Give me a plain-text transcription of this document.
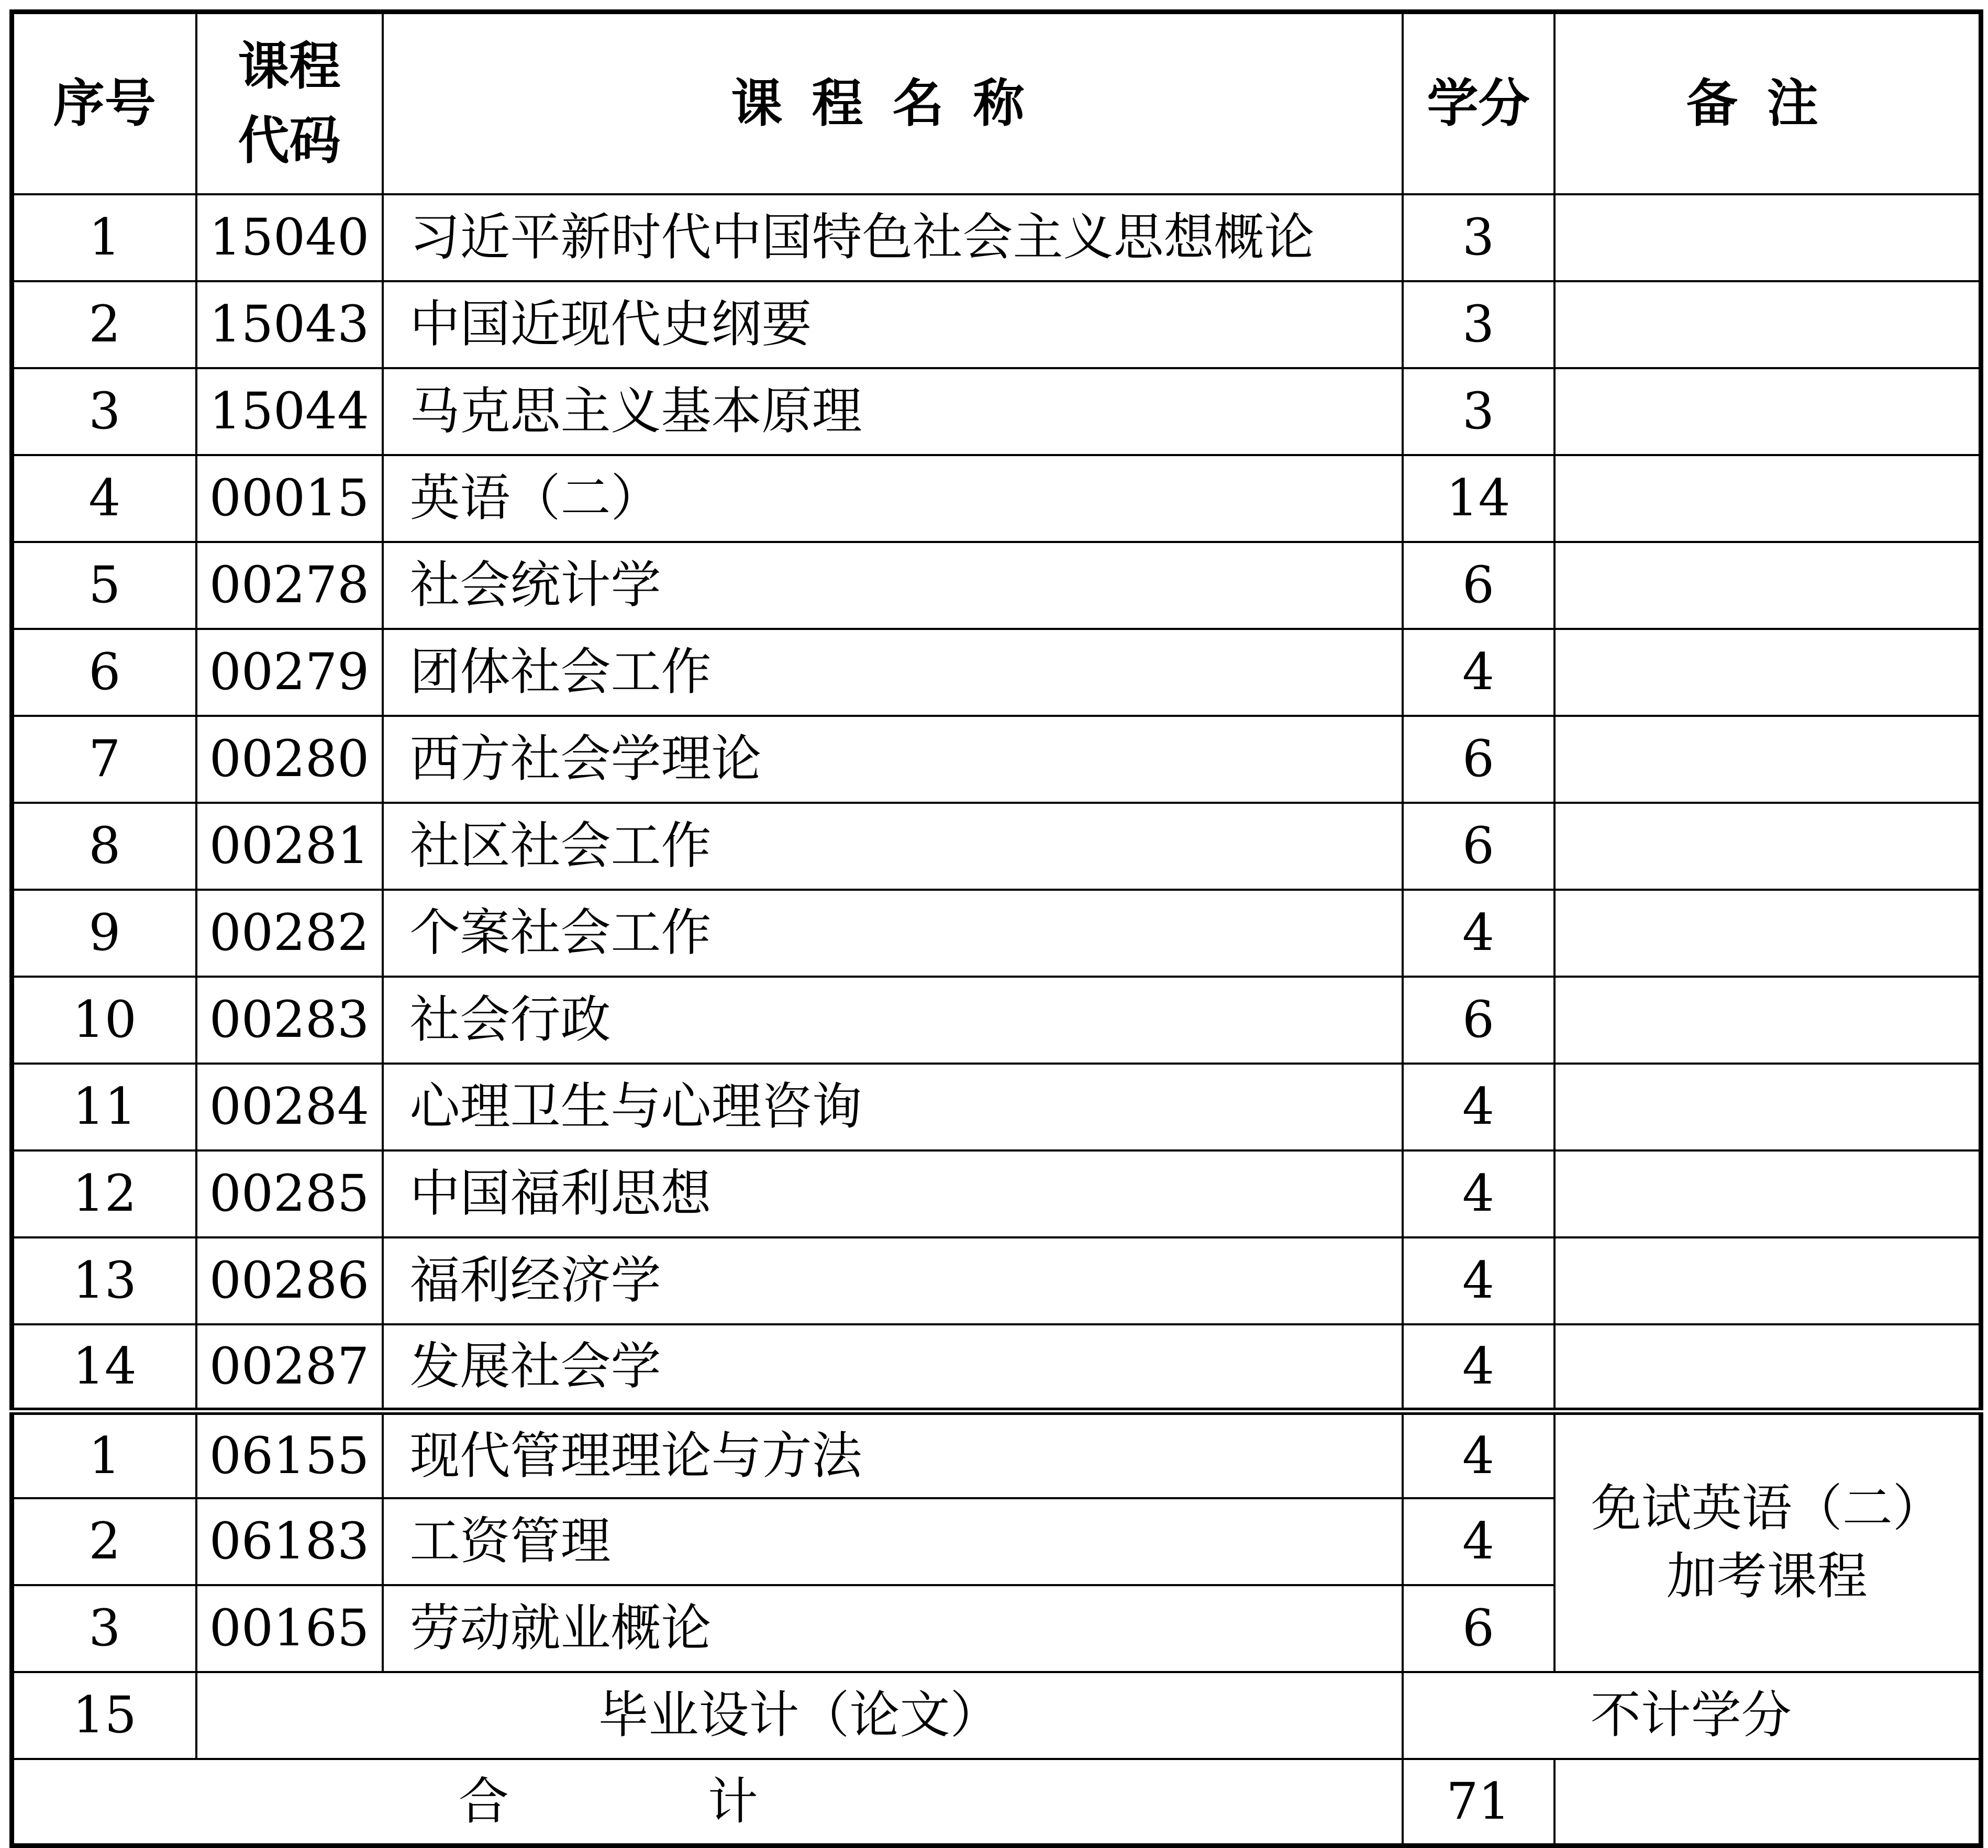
序号	课程代码	课程名称	学分	备注
1	15040	习近平新时代中国特色社会主义思想概论	3	
2	15043	中国近现代史纲要	3	
3	15044	马克思主义基本原理	3	
4	00015	英语（二）	14	
5	00278	社会统计学	6	
6	00279	团体社会工作	4	
7	00280	西方社会学理论	6	
8	00281	社区社会工作	6	
9	00282	个案社会工作	4	
10	00283	社会行政	6	
11	00284	心理卫生与心理咨询	4	
12	00285	中国福利思想	4	
13	00286	福利经济学	4	
14	00287	发展社会学	4	
1	06155	现代管理理论与方法	4	免试英语（二）加考课程
2	06183	工资管理	4	
3	00165	劳动就业概论	6	
15	毕业设计（论文）		不计学分	
合计			71	
